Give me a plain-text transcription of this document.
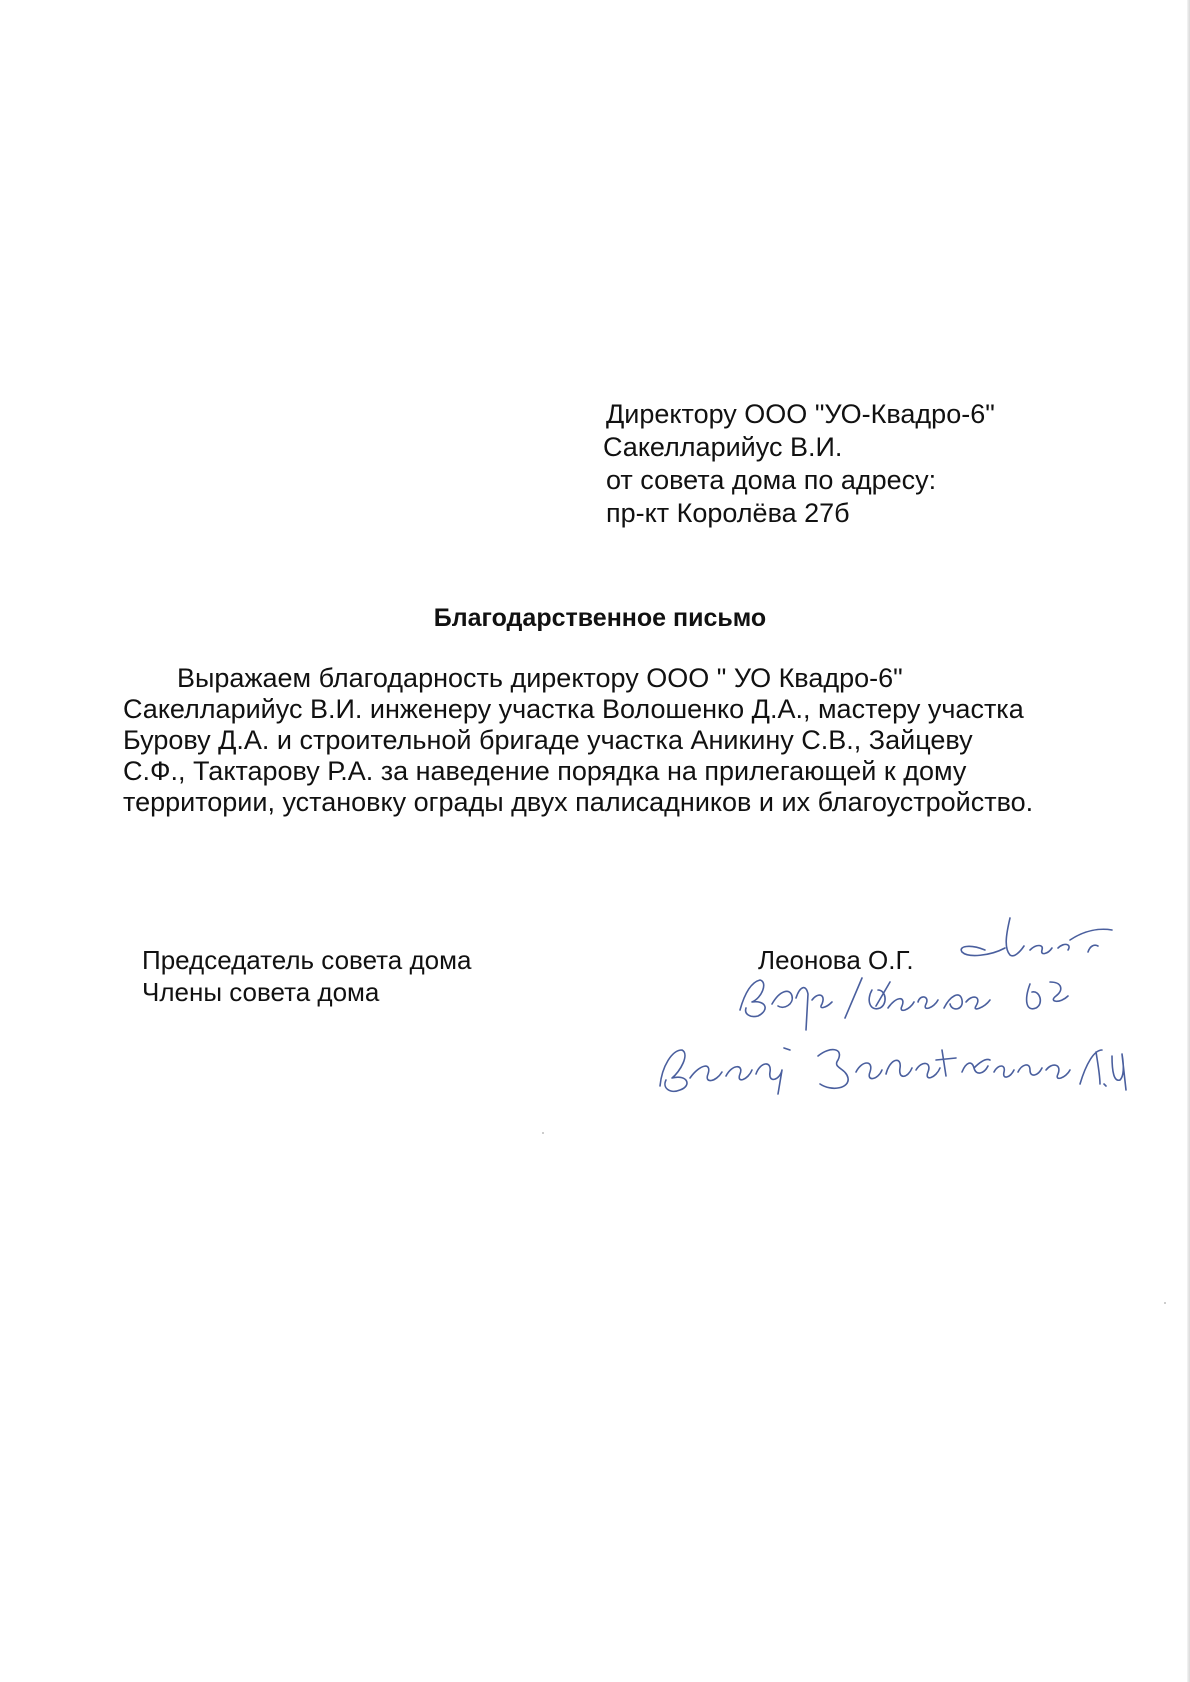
Директору ООО "УО-Квадро-6"
Сакелларийус В.И.
от совета дома по адресу:
пр-кт Королёва 27б
Благодарственное письмо
Выражаем благодарность директору ООО " УО Квадро-6"
Сакелларийус В.И. инженеру участка Волошенко Д.А., мастеру участка
Бурову Д.А. и строительной бригаде участка Аникину С.В., Зайцеву
С.Ф., Тактарову Р.А. за наведение порядка на прилегающей к дому
территории, установку ограды двух палисадников и их благоустройство.
Председатель совета дома
Члены совета дома
Леонова О.Г.
